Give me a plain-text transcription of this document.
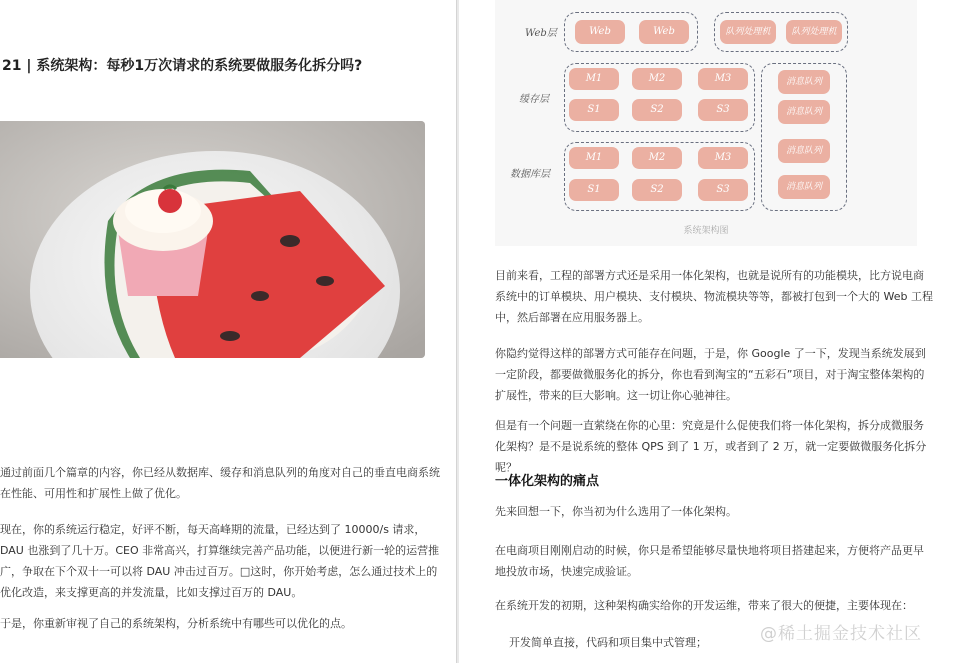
21 | 系统架构：每秒1万次请求的系统要做服务化拆分吗?

通过前面几个篇章的内容，你已经从数据库、缓存和消息队列的角度对自己的垂直电商系统在性能、可用性和扩展性上做了优化。

现在，你的系统运行稳定，好评不断，每天高峰期的流量，已经达到了 10000/s 请求，DAU 也涨到了几十万。CEO 非常高兴，打算继续完善产品功能，以便进行新一轮的运营推广，争取在下个双十一可以将 DAU 冲击过百万。□这时，你开始考虑，怎么通过技术上的优化改造，来支撑更高的并发流量，比如支撑过百万的 DAU。

于是，你重新审视了自己的系统架构，分析系统中有哪些可以优化的点。

Web层
缓存层
数据库层
Web	Web	队列处理机	队列处理机
M1	M2	M3
S1	S2	S3
M1	M2	M3
S1	S2	S3
消息队列
消息队列
消息队列
消息队列
系统架构图

目前来看，工程的部署方式还是采用一体化架构，也就是说所有的功能模块，比方说电商系统中的订单模块、用户模块、支付模块、物流模块等等，都被打包到一个大的 Web 工程中，然后部署在应用服务器上。

你隐约觉得这样的部署方式可能存在问题，于是，你 Google 了一下，发现当系统发展到一定阶段，都要做微服务化的拆分，你也看到淘宝的“五彩石”项目，对于淘宝整体架构的扩展性，带来的巨大影响。这一切让你心驰神往。

但是有一个问题一直萦绕在你的心里：究竟是什么促使我们将一体化架构，拆分成微服务化架构？是不是说系统的整体 QPS 到了 1 万，或者到了 2 万，就一定要做微服务化拆分呢？

一体化架构的痛点

先来回想一下，你当初为什么选用了一体化架构。

在电商项目刚刚启动的时候，你只是希望能够尽量快地将项目搭建起来，方便将产品更早地投放市场，快速完成验证。

在系统开发的初期，这种架构确实给你的开发运维，带来了很大的便捷，主要体现在：

开发简单直接，代码和项目集中式管理；	@稀土掘金技术社区
